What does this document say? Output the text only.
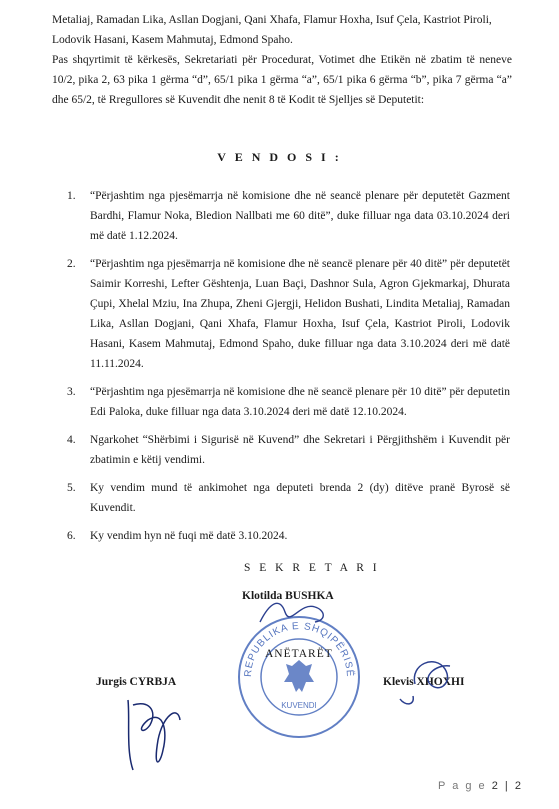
Metaliaj, Ramadan Lika, Asllan Dogjani, Qani Xhafa, Flamur Hoxha, Isuf Çela, Kastriot Piroli, Lodovik Hasani, Kasem Mahmutaj, Edmond Spaho.
Pas shqyrtimit të kërkesës, Sekretariati për Procedurat, Votimet dhe Etikën në zbatim të neneve 10/2, pika 2, 63 pika 1 gërma “d”, 65/1 pika 1 gërma “a”, 65/1 pika 6 gërma “b”, pika 7 gërma “a” dhe 65/2, të Rregullores së Kuvendit dhe nenit 8 të Kodit të Sjelljes së Deputetit:
V E N D O S I :
1. “Përjashtim nga pjesëmarrja në komisione dhe në seancë plenare për deputetët Gazment Bardhi, Flamur Noka, Bledion Nallbati me 60 ditë”, duke filluar nga data 03.10.2024 deri më datë 1.12.2024.
2. “Përjashtim nga pjesëmarrja në komisione dhe në seancë plenare për 40 ditë” për deputetët Saimir Korreshi, Lefter Gështenja, Luan Baçi, Dashnor Sula, Agron Gjekmarkaj, Dhurata Çupi, Xhelal Mziu, Ina Zhupa, Zheni Gjergji, Helidon Bushati, Lindita Metaliaj, Ramadan Lika, Asllan Dogjani, Qani Xhafa, Flamur Hoxha, Isuf Çela, Kastriot Piroli, Lodovik Hasani, Kasem Mahmutaj, Edmond Spaho, duke filluar nga data 3.10.2024 deri më datë 11.11.2024.
3. “Përjashtim nga pjesëmarrja në komisione dhe në seancë plenare për 10 ditë” për deputetin Edi Paloka, duke filluar nga data 3.10.2024 deri më datë 12.10.2024.
4. Ngarkohet “Shërbimi i Sigurisë në Kuvend” dhe Sekretari i Përgjithshëm i Kuvendit për zbatimin e këtij vendimi.
5. Ky vendim mund të ankimohet nga deputeti brenda 2 (dy) ditëve pranë Byrosë së Kuvendit.
6. Ky vendim hyn në fuqi më datë 3.10.2024.
REPUBLIKA E SHQIPËRISË
KUVENDI
S E K R E T A R I
Klotilda BUSHKA
ANËTARËT
Jurgis CYRBJA	Klevis XHOXHI
P a g e 2 | 2
